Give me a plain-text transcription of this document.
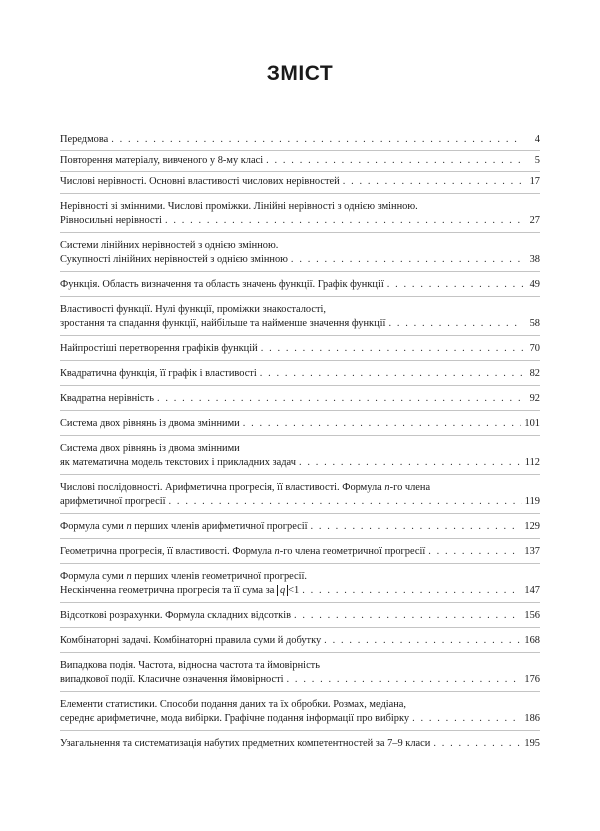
ЗМІСТ
Передмова . . .	4
Повторення матеріалу, вивченого у 8-му класі . . .	5
Числові нерівності. Основні властивості числових нерівностей . . .	17
Нерівності зі змінними. Числові проміжки. Лінійні нерівності з однією змінною.
Рівносильні нерівності . . .	27
Системи лінійних нерівностей з однією змінною.
Сукупності лінійних нерівностей з однією змінною . . .	38
Функція. Область визначення та область значень функції. Графік функції . . .	49
Властивості функції. Нулі функції, проміжки знакосталості,
зростання та спадання функції, найбільше та найменше значення функції . . .	58
Найпростіші перетворення графіків функцій . . .	70
Квадратична функція, її графік і властивості . . .	82
Квадратна нерівність . . .	92
Система двох рівнянь із двома змінними . . .	101
Система двох рівнянь із двома змінними
як математична модель текстових і прикладних задач . . .	112
Числові послідовності. Арифметична прогресія, її властивості. Формула n-го члена
арифметичної прогресії . . .	119
Формула суми n перших членів арифметичної прогресії . . .	129
Геометрична прогресія, її властивості. Формула n-го члена геометричної прогресії . . .	137
Формула суми n перших членів геометричної прогресії.
Нескінченна геометрична прогресія та її сума за q <1 . . .	147
Відсоткові розрахунки. Формула складних відсотків . . .	156
Комбінаторні задачі. Комбінаторні правила суми й добутку . . .	168
Випадкова подія. Частота, відносна частота та ймовірність
випадкової події. Класичне означення ймовірності . . .	176
Елементи статистики. Способи подання даних та їх обробки. Розмах, медіана,
середнє арифметичне, мода вибірки. Графічне подання інформації про вибірку . . .	186
Узагальнення та систематизація набутих предметних компетентностей за 7–9 класи . . .	195
